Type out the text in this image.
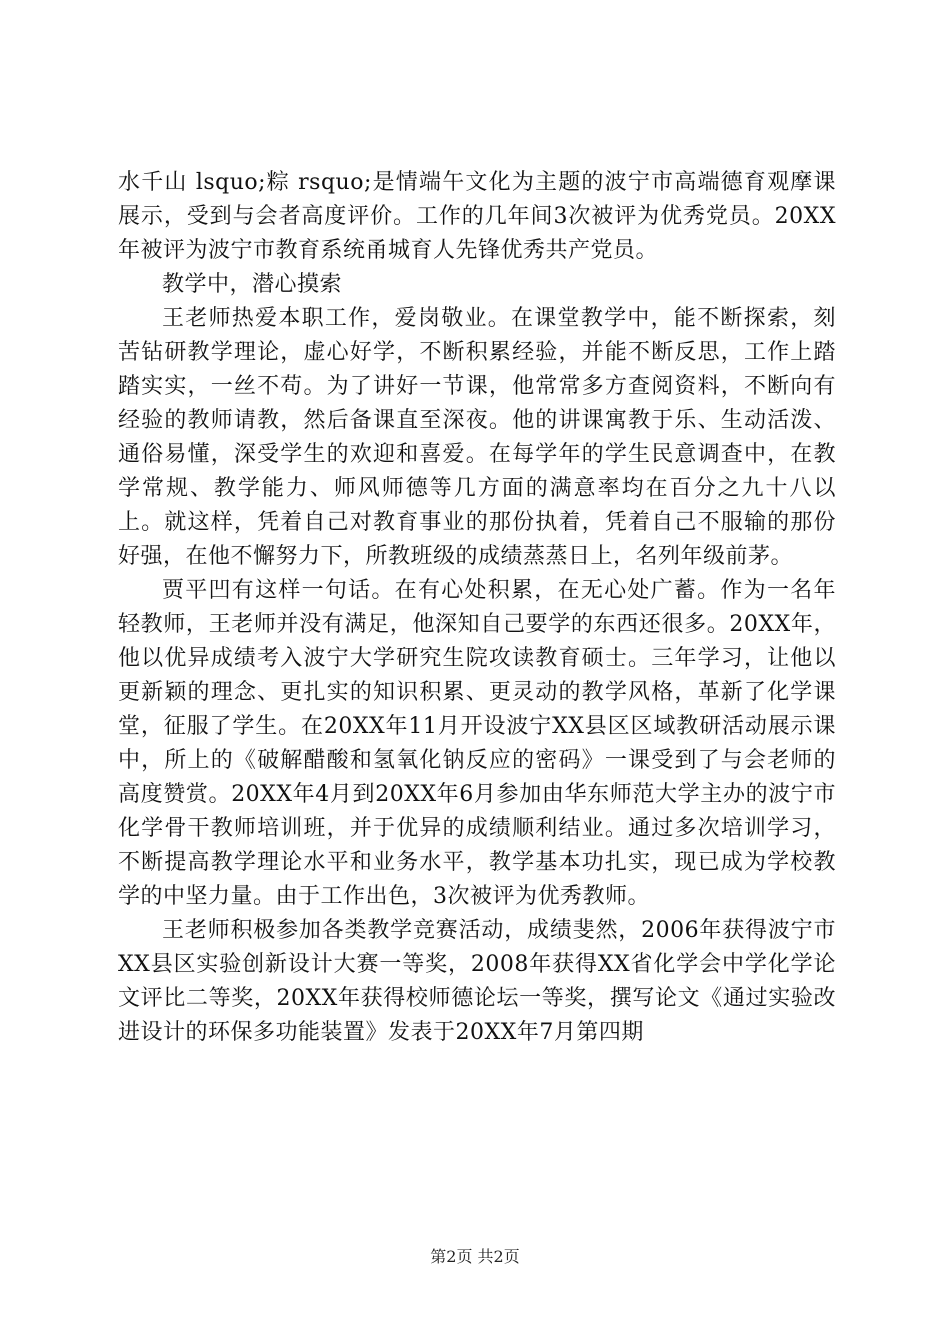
水千山 lsquo;粽 rsquo;是情端午文化为主题的波宁市高端德育观摩课展示，受到与会者高度评价。工作的几年间3次被评为优秀党员。20XX年被评为波宁市教育系统甬城育人先锋优秀共产党员。

教学中，潜心摸索

王老师热爱本职工作，爱岗敬业。在课堂教学中，能不断探索，刻苦钻研教学理论，虚心好学，不断积累经验，并能不断反思，工作上踏踏实实，一丝不苟。为了讲好一节课，他常常多方查阅资料，不断向有经验的教师请教，然后备课直至深夜。他的讲课寓教于乐、生动活泼、通俗易懂，深受学生的欢迎和喜爱。在每学年的学生民意调查中，在教学常规、教学能力、师风师德等几方面的满意率均在百分之九十八以上。就这样，凭着自己对教育事业的那份执着，凭着自己不服输的那份好强，在他不懈努力下，所教班级的成绩蒸蒸日上，名列年级前茅。

贾平凹有这样一句话。在有心处积累，在无心处广蓄。作为一名年轻教师，王老师并没有满足，他深知自己要学的东西还很多。20XX年，他以优异成绩考入波宁大学研究生院攻读教育硕士。三年学习，让他以更新颖的理念、更扎实的知识积累、更灵动的教学风格，革新了化学课堂，征服了学生。在20XX年11月开设波宁XX县区区域教研活动展示课中，所上的《破解醋酸和氢氧化钠反应的密码》一课受到了与会老师的高度赞赏。20XX年4月到20XX年6月参加由华东师范大学主办的波宁市化学骨干教师培训班，并于优异的成绩顺利结业。通过多次培训学习，不断提高教学理论水平和业务水平，教学基本功扎实，现已成为学校教学的中坚力量。由于工作出色，3次被评为优秀教师。

王老师积极参加各类教学竞赛活动，成绩斐然，2006年获得波宁市XX县区实验创新设计大赛一等奖，2008年获得XX省化学会中学化学论文评比二等奖，20XX年获得校师德论坛一等奖，撰写论文《通过实验改进设计的环保多功能装置》发表于20XX年7月第四期

第2页 共2页
